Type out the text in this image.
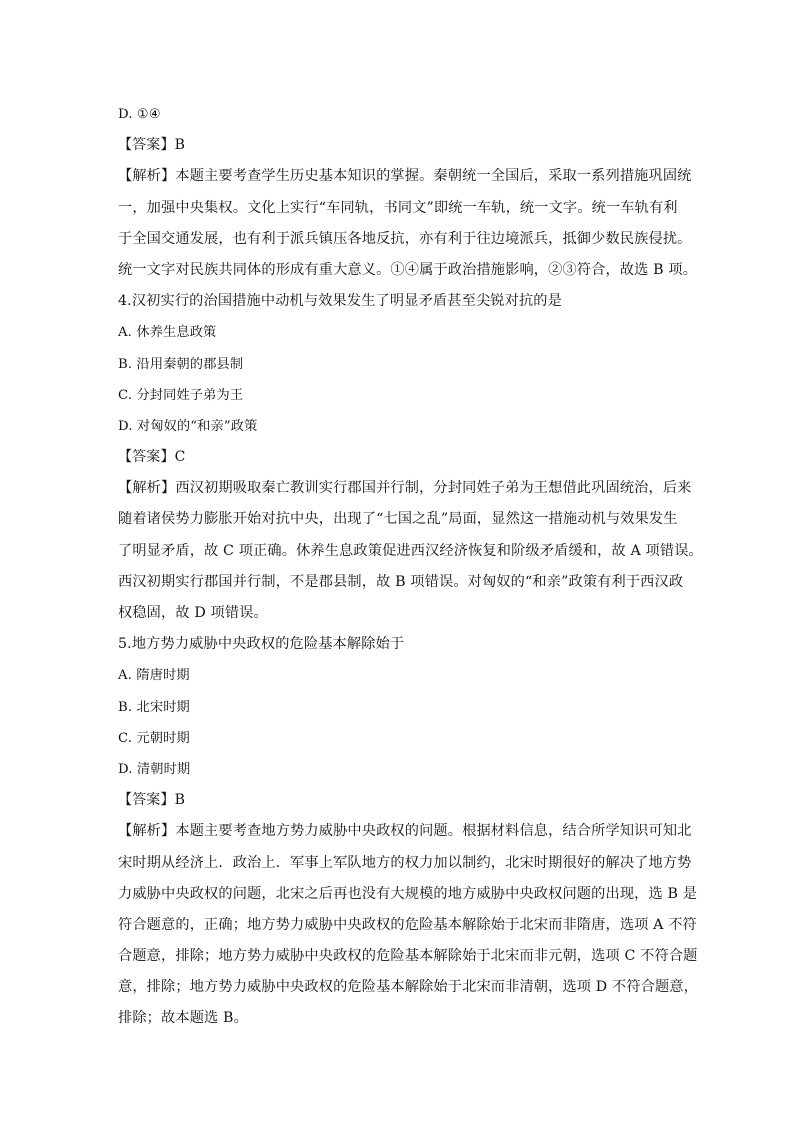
D. ①④
【答案】B
【解析】本题主要考查学生历史基本知识的掌握。秦朝统一全国后，采取一系列措施巩固统
一，加强中央集权。文化上实行“车同轨，书同文”即统一车轨，统一文字。统一车轨有利
于全国交通发展，也有利于派兵镇压各地反抗，亦有利于往边境派兵，抵御少数民族侵扰。
统一文字对民族共同体的形成有重大意义。①④属于政治措施影响，②③符合，故选 B 项。
4.汉初实行的治国措施中动机与效果发生了明显矛盾甚至尖锐对抗的是
A. 休养生息政策
B. 沿用秦朝的郡县制
C. 分封同姓子弟为王
D. 对匈奴的“和亲”政策
【答案】C
【解析】西汉初期吸取秦亡教训实行郡国并行制，分封同姓子弟为王想借此巩固统治，后来
随着诸侯势力膨胀开始对抗中央，出现了“七国之乱”局面，显然这一措施动机与效果发生
了明显矛盾，故 C 项正确。休养生息政策促进西汉经济恢复和阶级矛盾缓和，故 A 项错误。
西汉初期实行郡国并行制，不是郡县制，故 B 项错误。对匈奴的“和亲”政策有利于西汉政
权稳固，故 D 项错误。
5.地方势力威胁中央政权的危险基本解除始于
A. 隋唐时期
B. 北宋时期
C. 元朝时期
D. 清朝时期
【答案】B
【解析】本题主要考查地方势力威胁中央政权的问题。根据材料信息，结合所学知识可知北
宋时期从经济上．政治上．军事上军队地方的权力加以制约，北宋时期很好的解决了地方势
力威胁中央政权的问题，北宋之后再也没有大规模的地方威胁中央政权问题的出现，选 B 是
符合题意的，正确；地方势力威胁中央政权的危险基本解除始于北宋而非隋唐，选项 A 不符
合题意，排除；地方势力威胁中央政权的危险基本解除始于北宋而非元朝，选项 C 不符合题
意，排除；地方势力威胁中央政权的危险基本解除始于北宋而非清朝，选项 D 不符合题意，
排除；故本题选 B。
